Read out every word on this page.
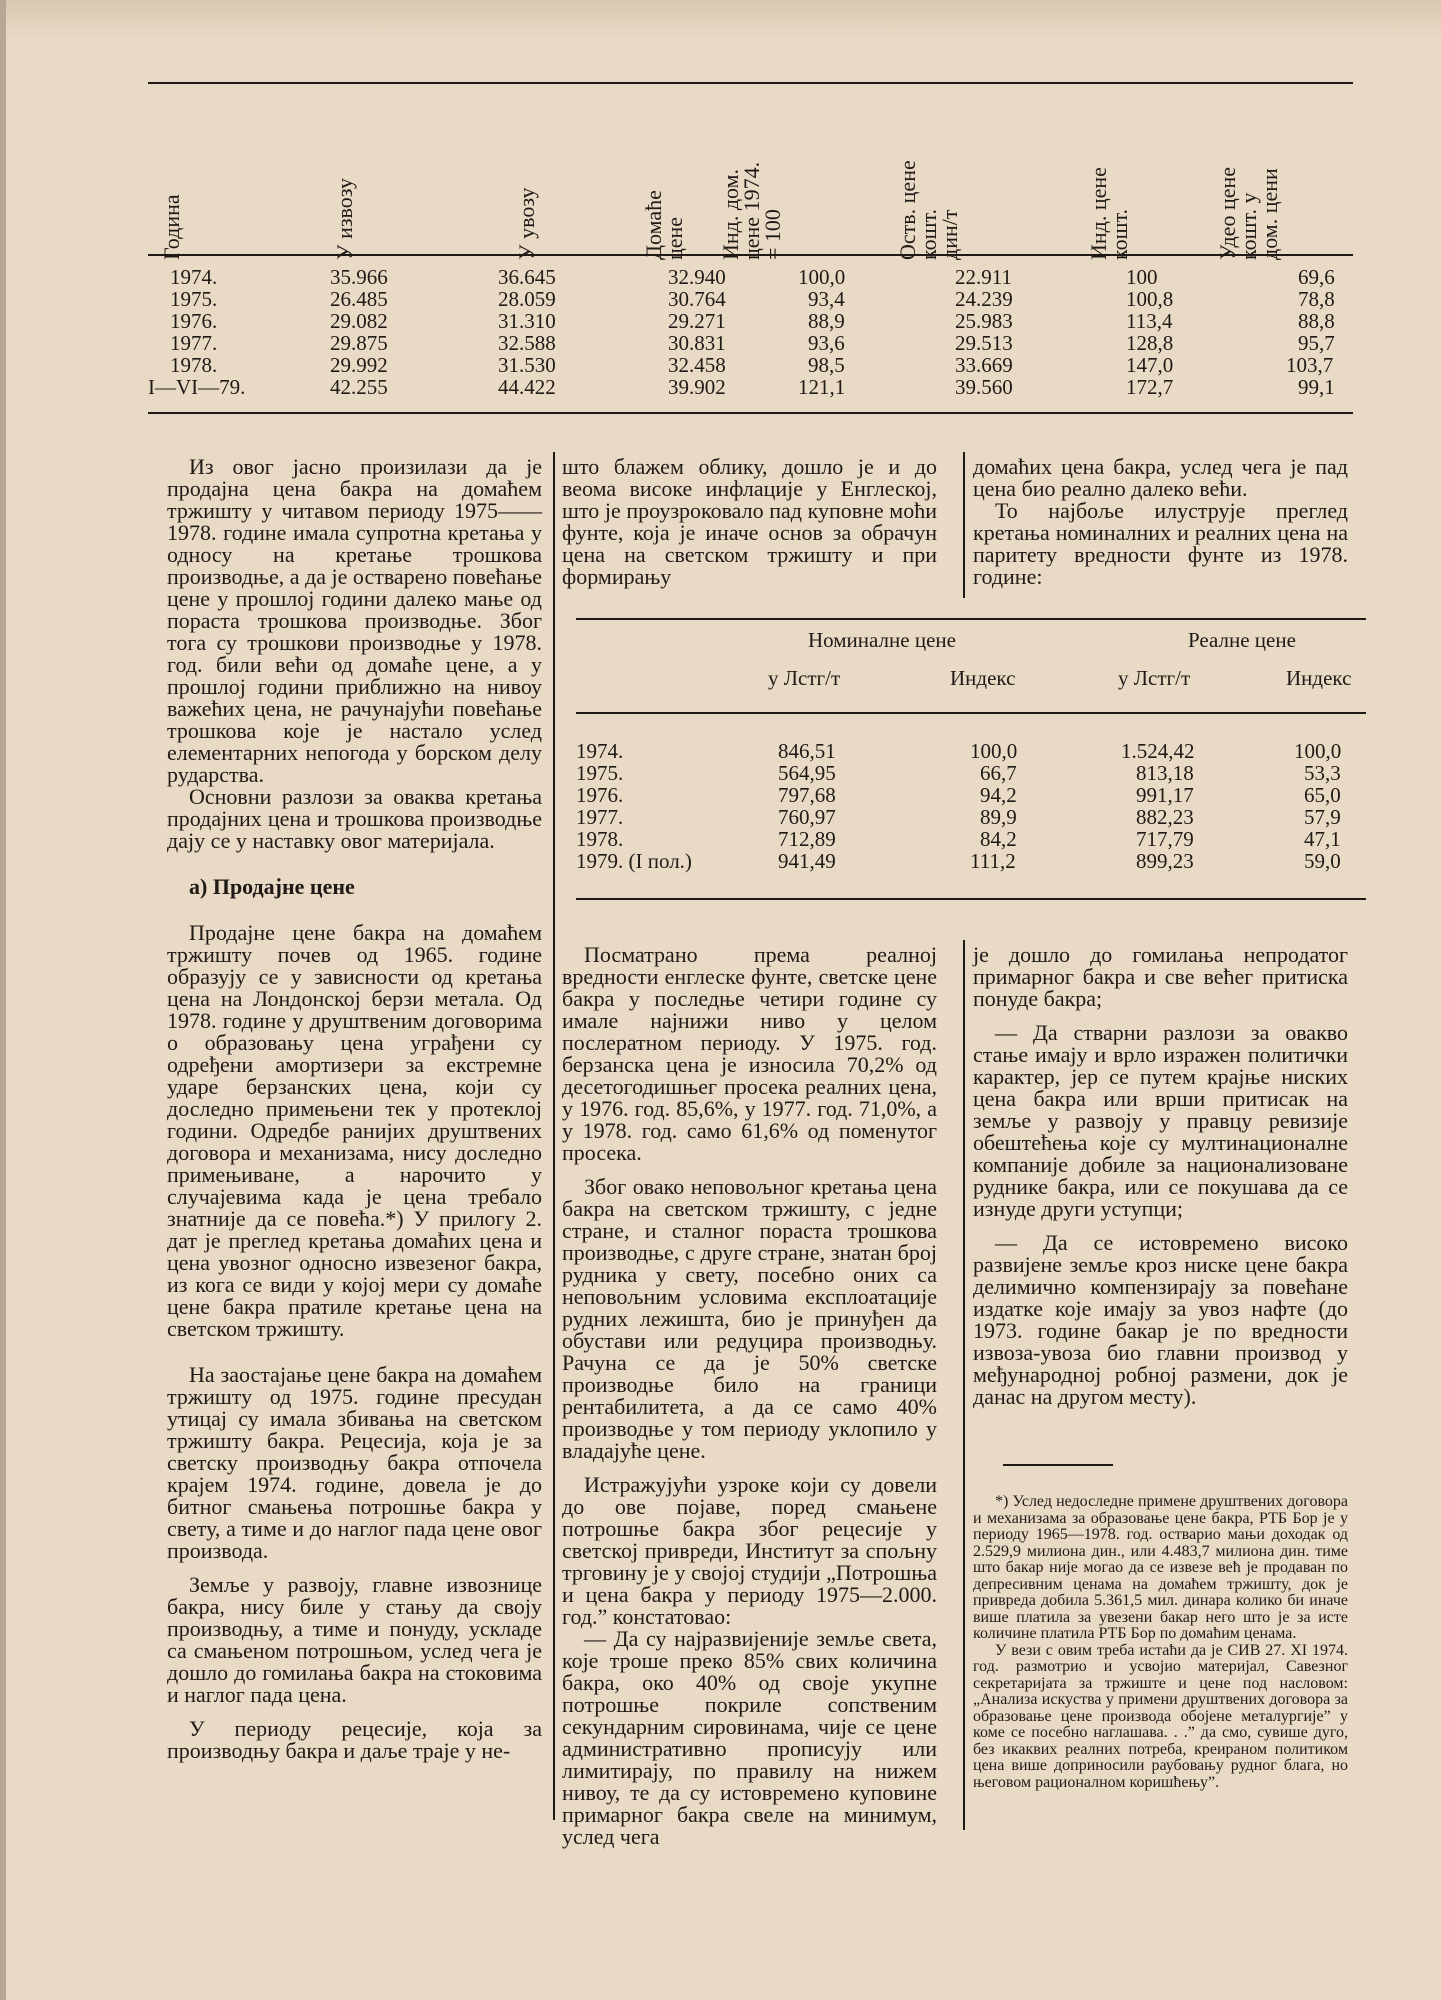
Година	У извозу	У увозу	Домаће
цене Инд. дом.
цене 1974.
= 100	Оств. цене
кошт.
дин/т	Инд. цене
кошт.	Удео цене
кошт. у
дом. цени
1974.	35.966	36.645	32.940	100,0	22.911	100	69,6
1975.	26.485	28.059	30.764	93,4	24.239	100,8	78,8
1976.	29.082	31.310	29.271	88,9	25.983	113,4	88,8
1977.	29.875	32.588	30.831	93,6	29.513	128,8	95,7
1978.	29.992	31.530	32.458	98,5	33.669	147,0	103,7
I—VI—79.	42.255	44.422	39.902	121,1	39.560	172,7	99,1

Из овог јасно произилази да је продајна цена бакра на домаћем тржишту у читавом периоду 1975——1978. године имала супротна кретања у односу на кретање трошкова производње, а да је остварено повећање цене у прошлој години далеко мање од пораста трошкова производње. Због тога су трошкови производње у 1978. год. били већи од домаће цене, а у прошлој години приближно на нивоу важећих цена, не рачунајући повећање трошкова које је настало услед елементарних непогода у борском делу рударства.

Основни разлози за оваква кретања продајних цена и трошкова производње дају се у наставку овог материјала.

а) Продајне цене

Продајне цене бакра на домаћем тржишту почев од 1965. године образују се у зависности од кретања цена на Лондонској берзи метала. Од 1978. године у друштвеним договорима о образовању цена уграђени су одређени амортизери за екстремне ударе берзанских цена, који су доследно примењени тек у протеклој години. Одредбе ранијих друштвених договора и механизама, нису доследно примењиване, а нарочито у случајевима када је цена требало знатније да се повећа.*) У прилогу 2. дат је преглед кретања домаћих цена и цена увозног односно извезеног бакра, из кога се види у којој мери су домаће цене бакра пратиле кретање цена на светском тржишту.

На заостајање цене бакра на домаћем тржишту од 1975. године пресудан утицај су имала збивања на светском тржишту бакра. Рецесија, која је за светску производњу бакра отпочела крајем 1974. године, довела је до битног смањења потрошње бакра у свету, а тиме и до наглог пада цене овог производа.

Земље у развоју, главне извознице бакра, нису биле у стању да своју производњу, а тиме и понуду, ускладе са смањеном потрошњом, услед чега је дошло до гомилања бакра на стоковима и наглог пада цена.

У периоду рецесије, која за производњу бакра и даље траје у не-

што блажем облику, дошло је и до веома високе инфлације у Енглеској, што је проузроковало пад куповне моћи фунте, која је иначе основ за обрачун цена на светском тржишту и при формирању

домаћих цена бакра, услед чега је пад цена био реално далеко већи.

То најбоље илуструје преглед кретања номиналних и реалних цена на паритету вредности фунте из 1978. године:

Номиналне цене	Реалне цене
у Лстг/т	Индекс	у Лстг/т	Индекс
1974.	846,51	100,0	1.524,42	100,0
1975.	564,95	66,7	813,18	53,3
1976.	797,68	94,2	991,17	65,0
1977.	760,97	89,9	882,23	57,9
1978.	712,89	84,2	717,79	47,1
1979. (I пол.)	941,49	111,2	899,23	59,0

Посматрано према реалној вредности енглеске фунте, светске цене бакра у последње четири године су имале најнижи ниво у целом послератном периоду. У 1975. год. берзанска цена је износила 70,2% од десетогодишњег просека реалних цена, у 1976. год. 85,6%, у 1977. год. 71,0%, а у 1978. год. само 61,6% од поменутог просека.

Због овако неповољног кретања цена бакра на светском тржишту, с једне стране, и сталног пораста трошкова производње, с друге стране, знатан број рудника у свету, посебно оних са неповољним условима експлоатације рудних лежишта, био је принуђен да обустави или редуцира производњу. Рачуна се да је 50% светске производње било на граници рентабилитета, а да се само 40% производње у том периоду уклопило у владајуће цене.

Истражујући узроке који су довели до ове појаве, поред смањене потрошње бакра због рецесије у светској привреди, Институт за спољну трговину је у својој студији „Потрошња и цена бакра у периоду 1975—2.000. год.” констатовао:

— Да су најразвијеније земље света, које троше преко 85% свих количина бакра, око 40% од своје укупне потрошње покриле сопственим секундарним сировинама, чије се цене административно прописују или лимитирају, по правилу на нижем нивоу, те да су истовремено куповине примарног бакра свеле на минимум, услед чега

је дошло до гомилања непродатог примарног бакра и све већег притиска понуде бакра;

— Да стварни разлози за овакво стање имају и врло изражен политички карактер, јер се путем крајње ниских цена бакра или врши притисак на земље у развоју у правцу ревизије обештећења које су мултинационалне компаније добиле за национализоване руднике бакра, или се покушава да се изнуде други уступци;

— Да се истовремено високо развијене земље кроз ниске цене бакра делимично компензирају за повећане издатке које имају за увоз нафте (до 1973. године бакар је по вредности извоза-увоза био главни производ у међународној робној размени, док је данас на другом месту).

*) Услед недоследне примене друштвених договора и механизама за образовање цене бакра, РТБ Бор је у периоду 1965—1978. год. остварио мањи доходак од 2.529,9 милиона дин., или 4.483,7 милиона дин. тиме што бакар није могао да се извезе већ је продаван по депресивним ценама на домаћем тржишту, док је привреда добила 5.361,5 мил. динара колико би иначе више платила за увезени бакар него што је за исте количине платила РТБ Бор по домаћим ценама.

У вези с овим треба истаћи да је СИВ 27. XI 1974. год. размотрио и усвојио материјал, Савезног секретаријата за тржиште и цене под насловом: „Анализа искуства у примени друштвених договора за образовање цене производа обојене металургије” у коме се посебно наглашава. . .” да смо, сувише дуго, без икаквих реалних потреба, креираном политиком цена више доприносили раубовању рудног блага, но његовом рационалном коришћењу”.
